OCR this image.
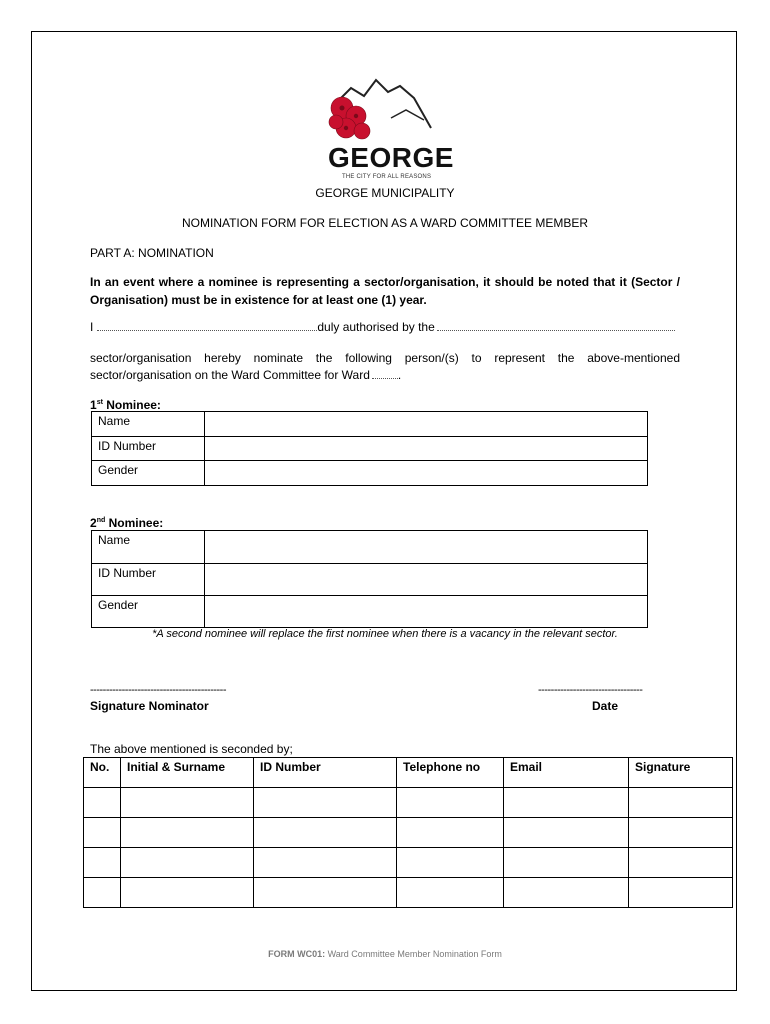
GEORGE
THE CITY FOR ALL REASONS
GEORGE MUNICIPALITY
NOMINATION FORM FOR ELECTION AS A WARD COMMITTEE MEMBER
PART A: NOMINATION
In an event where a nominee is representing a sector/organisation, it should be noted that it (Sector / Organisation) must be in existence for at least one (1) year.
I	duly authorised by the
sector/organisation hereby nominate the following person/(s) to represent the above-mentioned sector/organisation on the Ward Committee for Ward .
1st Nominee:
Name	
ID Number	
Gender	
2nd Nominee:
Name	
ID Number	
Gender	
*A second nominee will replace the first nominee when there is a vacancy in the relevant sector.
-------------------------------------------
Signature Nominator
---------------------------------
Date
The above mentioned is seconded by;
No.	Initial & Surname	ID Number	Telephone no	Email	Signature

FORM WC01: Ward Committee Member Nomination Form
